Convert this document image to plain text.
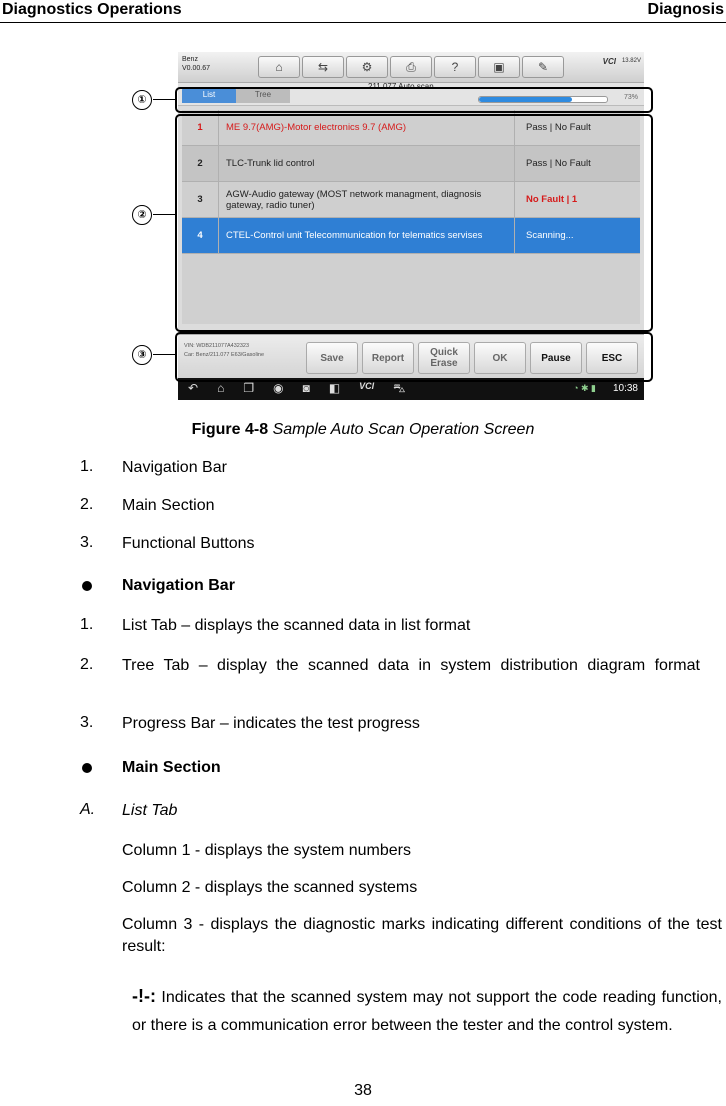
Diagnostics Operations	Diagnosis
Benz
V0.00.67	⌂	⇆	⚙	⎙	?	▣	✎	VCI 13.82V
211.077 Auto scan
List	Tree	73%
1	ME 9.7(AMG)-Motor electronics 9.7 (AMG)	Pass | No Fault
2	TLC-Trunk lid control	Pass | No Fault
3	AGW-Audio gateway (MOST network managment, diagnosis gateway, radio tuner)	No Fault | 1
4	CTEL-Control unit Telecommunication for telematics servises	Scanning...
VIN: WDB211077A432323
Car: Benz/211.077 E63/Gasoline	Save	Report	Quick Erase	OK	Pause	ESC
↶ ⌂ ❐ ◉ ◙ ◧ VCI ⛍	◔ ✱ ▮ 10:38
①
②
③
Figure 4-8 Sample Auto Scan Operation Screen
1. Navigation Bar
2. Main Section
3. Functional Buttons
Navigation Bar
1. List Tab – displays the scanned data in list format
2. Tree Tab – display the scanned data in system distribution diagram format
3. Progress Bar – indicates the test progress
Main Section
A. List Tab
Column 1 - displays the system numbers
Column 2 - displays the scanned systems
Column 3 - displays the diagnostic marks indicating different conditions of the test result:
-!-: Indicates that the scanned system may not support the code reading function, or there is a communication error between the tester and the control system.
38
